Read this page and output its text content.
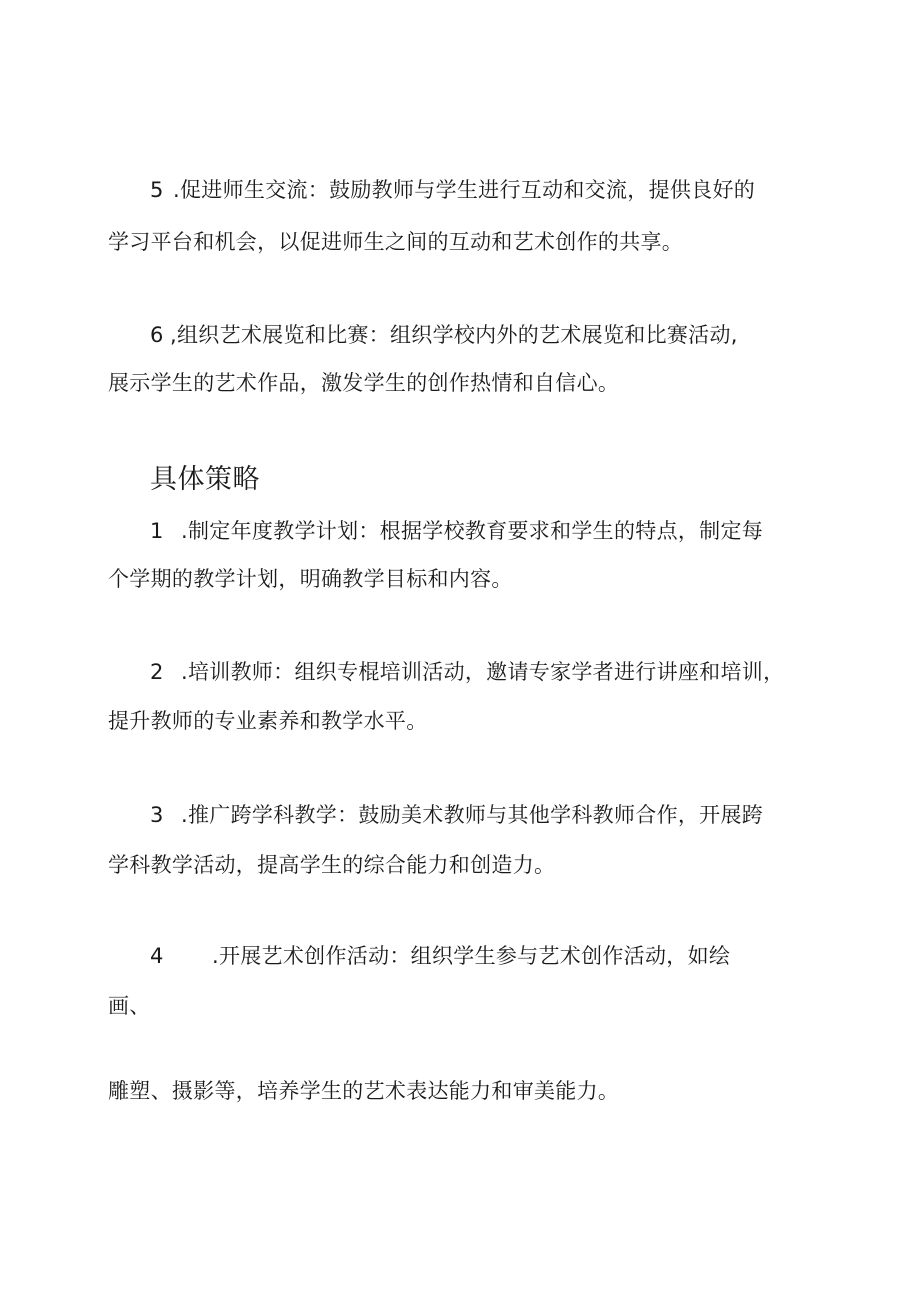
5 .促进师生交流：鼓励教师与学生进行互动和交流，提供良好的
学习平台和机会，以促进师生之间的互动和艺术创作的共享。
6 ,组织艺术展览和比赛：组织学校内外的艺术展览和比赛活动,
展示学生的艺术作品，激发学生的创作热情和自信心。
具体策略
1 .制定年度教学计划：根据学校教育要求和学生的特点，制定每
个学期的教学计划，明确教学目标和内容。
2 .培训教师：组织专棍培训活动，邀请专家学者进行讲座和培训，
提升教师的专业素养和教学水平。
3 .推广跨学科教学：鼓励美术教师与其他学科教师合作，开展跨
学科教学活动，提高学生的综合能力和创造力。
4 .开展艺术创作活动：组织学生参与艺术创作活动，如绘
画、
雕塑、摄影等，培养学生的艺术表达能力和审美能力。
